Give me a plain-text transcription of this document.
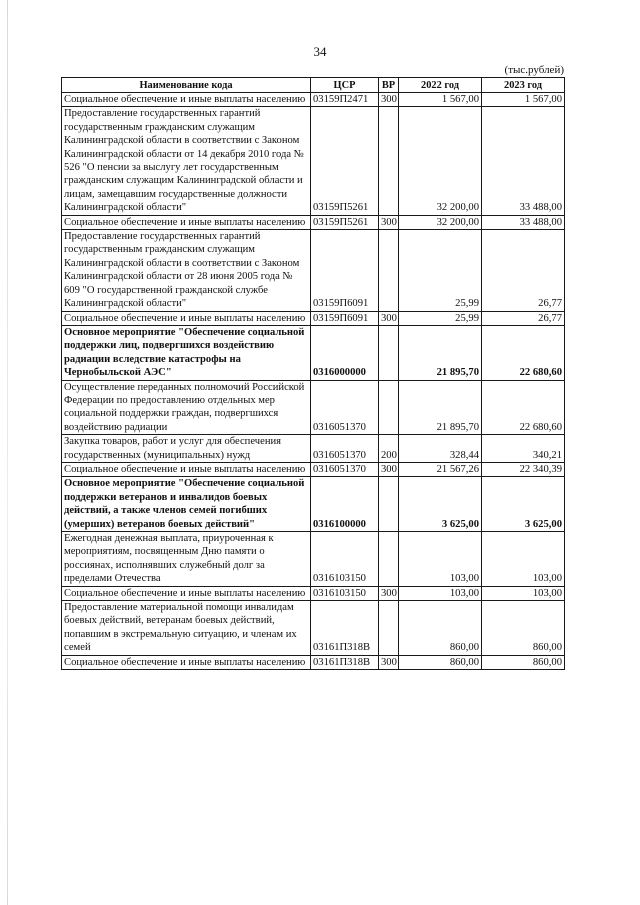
34
(тыс.рублей)
Наименование кода	ЦСР	ВР	2022 год	2023 год
Социальное обеспечение и иные выплаты населению	03159П2471	300	1 567,00	1 567,00
Предоставление государственных гарантий государственным гражданским служащим Калининградской области в соответствии с Законом Калининградской области от 14 декабря 2010 года № 526 "О пенсии за выслугу лет государственным гражданским служащим Калининградской области и лицам, замещавшим государственные должности Калининградской области"	03159П5261		32 200,00	33 488,00
Социальное обеспечение и иные выплаты населению	03159П5261	300	32 200,00	33 488,00
Предоставление государственных гарантий государственным гражданским служащим Калининградской области в соответствии с Законом Калининградской области от 28 июня 2005 года № 609 "О государственной гражданской службе Калининградской области"	03159П6091		25,99	26,77
Социальное обеспечение и иные выплаты населению	03159П6091	300	25,99	26,77
Основное мероприятие "Обеспечение социальной поддержки лиц, подвергшихся воздействию радиации вследствие катастрофы на Чернобыльской АЭС"	0316000000		21 895,70	22 680,60
Осуществление переданных полномочий Российской Федерации по предоставлению отдельных мер социальной поддержки граждан, подвергшихся воздействию радиации	0316051370		21 895,70	22 680,60
Закупка товаров, работ и услуг для обеспечения государственных (муниципальных) нужд	0316051370	200	328,44	340,21
Социальное обеспечение и иные выплаты населению	0316051370	300	21 567,26	22 340,39
Основное мероприятие "Обеспечение социальной поддержки ветеранов и инвалидов боевых действий, а также членов семей погибших (умерших) ветеранов боевых действий"	0316100000		3 625,00	3 625,00
Ежегодная денежная выплата, приуроченная к мероприятиям, посвященным Дню памяти о россиянах, исполнявших служебный долг за пределами Отечества	0316103150		103,00	103,00
Социальное обеспечение и иные выплаты населению	0316103150	300	103,00	103,00
Предоставление материальной помощи инвалидам боевых действий, ветеранам боевых действий, попавшим в экстремальную ситуацию, и членам их семей	03161П318В		860,00	860,00
Социальное обеспечение и иные выплаты населению	03161П318В	300	860,00	860,00
